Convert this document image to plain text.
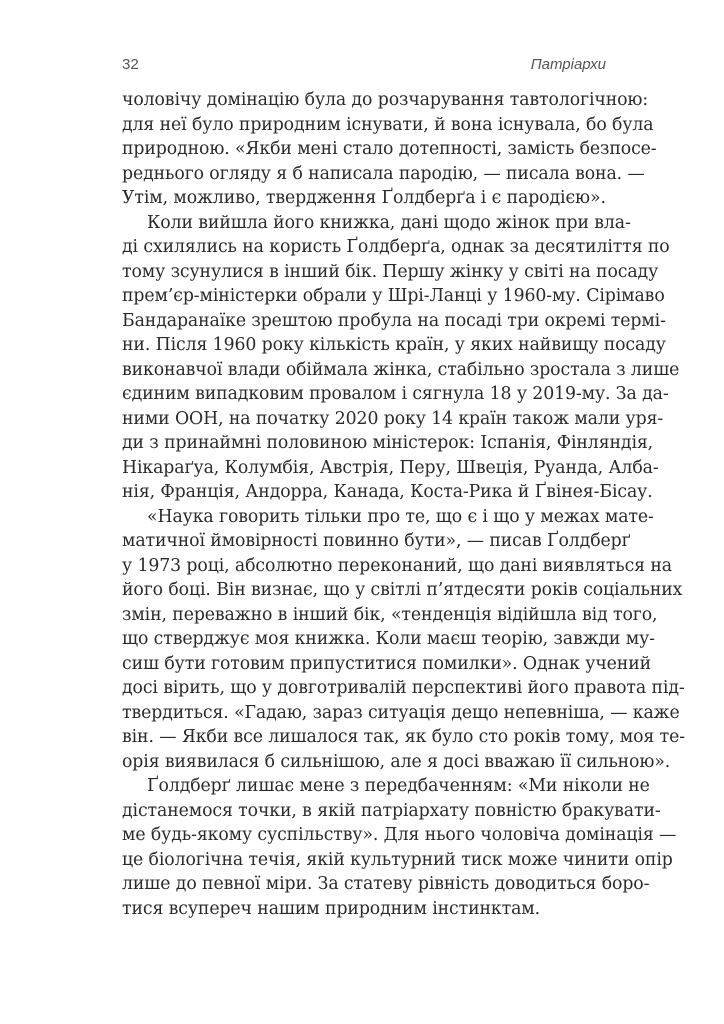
32	Патріархи
чоловічу домінацію була до розчарування тавтологічною:
для неї було природним існувати, й вона існувала, бо була
природною. «Якби мені стало дотепності, замість безпосе-
реднього огляду я б написала пародію, — писала вона. —
Утім, можливо, твердження Ґолдберґа і є пародією».
Коли вийшла його книжка, дані щодо жінок при вла-
ді схилялись на користь Ґолдберґа, однак за десятиліття по
тому зсунулися в інший бік. Першу жінку у світі на посаду
прем’єр-міністерки обрали у Шрі-Ланці у 1960-му. Сірімаво
Бандаранаїке зрештою пробула на посаді три окремі термі-
ни. Після 1960 року кількість країн, у яких найвищу посаду
виконавчої влади обіймала жінка, стабільно зростала з лише
єдиним випадковим провалом і сягнула 18 у 2019-му. За да-
ними ООН, на початку 2020 року 14 країн також мали уря-
ди з принаймні половиною міністерок: Іспанія, Фінляндія,
Нікараґуа, Колумбія, Австрія, Перу, Швеція, Руанда, Алба-
нія, Франція, Андорра, Канада, Коста-Рика й Ґвінея-Бісау.
«Наука говорить тільки про те, що є і що у межах мате-
матичної ймовірності повинно бути», — писав Ґолдберґ
у 1973 році, абсолютно переконаний, що дані виявляться на
його боці. Він визнає, що у світлі п’ятдесяти років соціальних
змін, переважно в інший бік, «тенденція відійшла від того,
що стверджує моя книжка. Коли маєш теорію, завжди му-
сиш бути готовим припуститися помилки». Однак учений
досі вірить, що у довготривалій перспективі його правота під-
твердиться. «Гадаю, зараз ситуація дещо непевніша, — каже
він. — Якби все лишалося так, як було сто років тому, моя те-
орія виявилася б сильнішою, але я досі вважаю її сильною».
Ґолдберґ лишає мене з передбаченням: «Ми ніколи не
дістанемося точки, в якій патріархату повністю бракувати-
ме будь-якому суспільству». Для нього чоловіча домінація —
це біологічна течія, якій культурний тиск може чинити опір
лише до певної міри. За статеву рівність доводиться боро-
тися всупереч нашим природним інстинктам.
